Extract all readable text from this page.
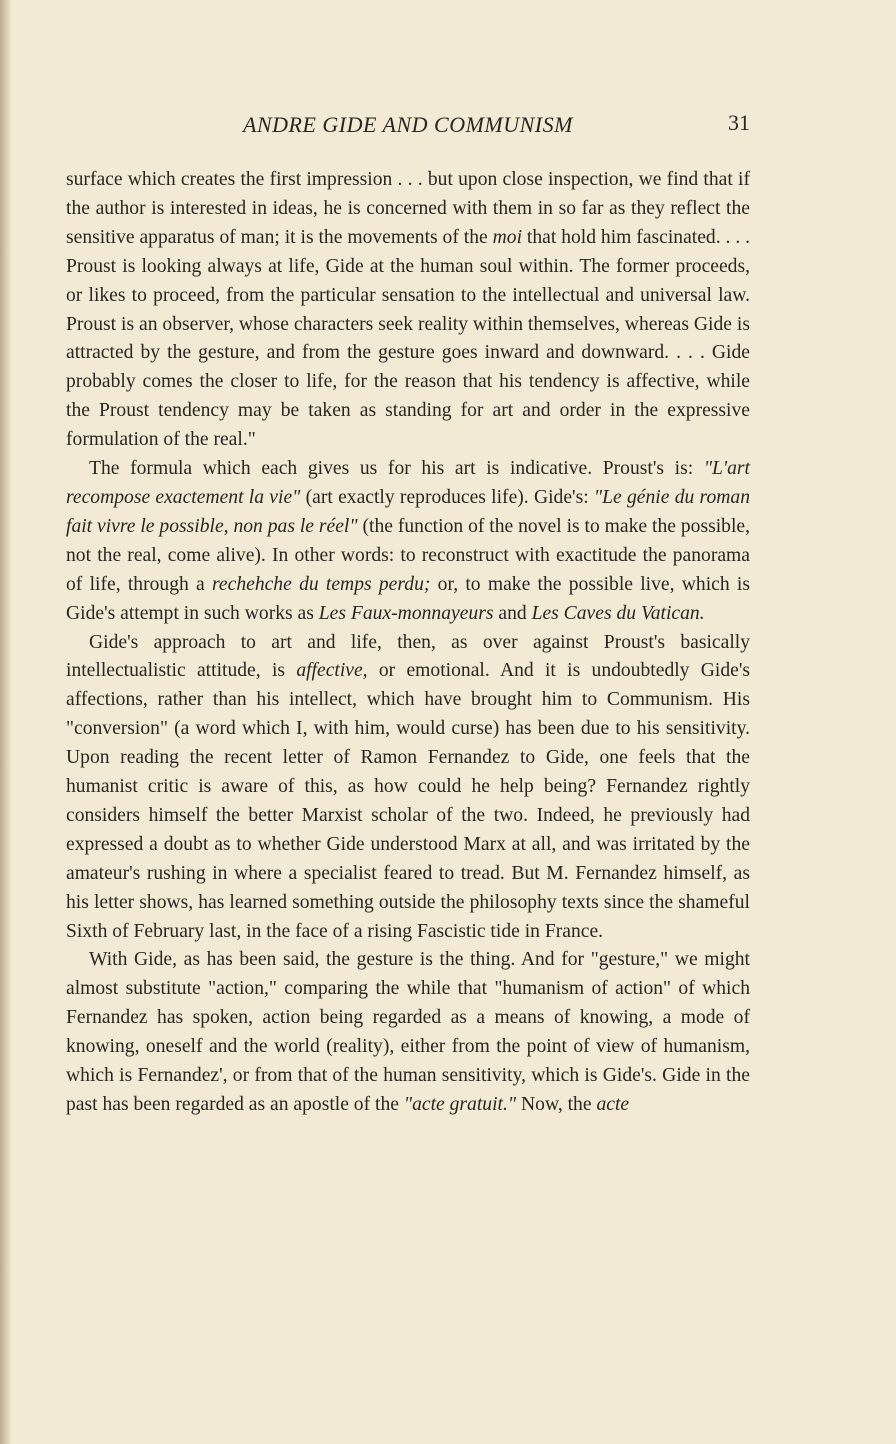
ANDRE GIDE AND COMMUNISM	31

surface which creates the first impression . . . but upon close inspection, we find that if the author is interested in ideas, he is concerned with them in so far as they reflect the sensitive apparatus of man; it is the movements of the moi that hold him fascinated. . . . Proust is looking always at life, Gide at the human soul within. The former proceeds, or likes to proceed, from the particular sensation to the intellectual and universal law. Proust is an observer, whose characters seek reality within themselves, whereas Gide is attracted by the gesture, and from the gesture goes inward and downward. . . . Gide probably comes the closer to life, for the reason that his tendency is affective, while the Proust tendency may be taken as standing for art and order in the expressive formulation of the real."

The formula which each gives us for his art is indicative. Proust's is: "L'art recompose exactement la vie" (art exactly reproduces life). Gide's: "Le génie du roman fait vivre le possible, non pas le réel" (the function of the novel is to make the possible, not the real, come alive). In other words: to reconstruct with exactitude the panorama of life, through a rechehche du temps perdu; or, to make the possible live, which is Gide's attempt in such works as Les Faux-monnayeurs and Les Caves du Vatican.

Gide's approach to art and life, then, as over against Proust's basically intellectualistic attitude, is affective, or emotional. And it is undoubtedly Gide's affections, rather than his intellect, which have brought him to Communism. His "conversion" (a word which I, with him, would curse) has been due to his sensitivity. Upon reading the recent letter of Ramon Fernandez to Gide, one feels that the humanist critic is aware of this, as how could he help being? Fernandez rightly considers himself the better Marxist scholar of the two. Indeed, he previously had expressed a doubt as to whether Gide understood Marx at all, and was irritated by the amateur's rushing in where a specialist feared to tread. But M. Fernandez himself, as his letter shows, has learned something outside the philosophy texts since the shameful Sixth of February last, in the face of a rising Fascistic tide in France.

With Gide, as has been said, the gesture is the thing. And for "gesture," we might almost substitute "action," comparing the while that "humanism of action" of which Fernandez has spoken, action being regarded as a means of knowing, a mode of knowing, oneself and the world (reality), either from the point of view of humanism, which is Fernandez', or from that of the human sensitivity, which is Gide's. Gide in the past has been regarded as an apostle of the "acte gratuit." Now, the acte
